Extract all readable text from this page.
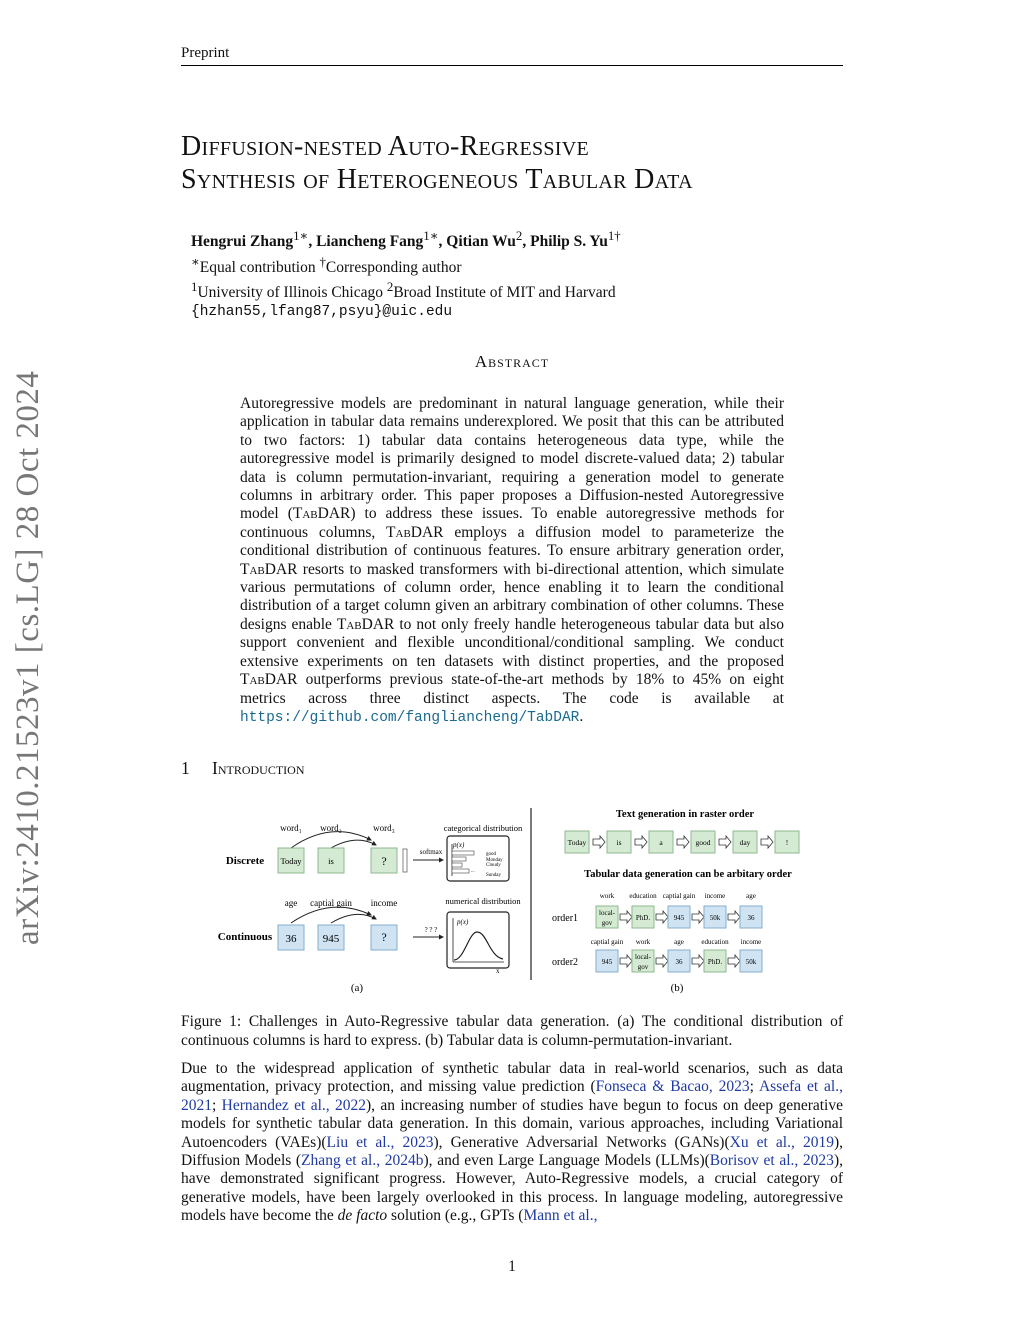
Preprint
arXiv:2410.21523v1 [cs.LG] 28 Oct 2024
Diffusion-nested Auto-Regressive
Synthesis of Heterogeneous Tabular Data
Hengrui Zhang$^{1∗}$, Liancheng Fang$^{1∗}$, Qitian Wu$^2$, Philip S. $Yu^{1\dagger}$
∗Equal contribution †Corresponding author
$^1$University of Illinois Chicago $^2$Broad Institute of MIT and Harvard
{hzhan55,lfang87,psyu}@uic.edu
Abstract
Autoregressive models are predominant in natural language generation, while their application in tabular data remains underexplored. We posit that this can be attributed to two factors: 1) tabular data contains heterogeneous data type, while the autoregressive model is primarily designed to model discrete-valued data; 2) tabular data is column permutation-invariant, requiring a generation model to generate columns in arbitrary order. This paper proposes a Diffusion-nested Autoregressive model (TabDAR) to address these issues. To enable autoregressive methods for continuous columns, TabDAR employs a diffusion model to parameterize the conditional distribution of continuous features. To ensure arbitrary generation order, TabDAR resorts to masked transformers with bi-directional attention, which simulate various permutations of column order, hence enabling it to learn the conditional distribution of a target column given an arbitrary combination of other columns. These designs enable TabDAR to not only freely handle heterogeneous tabular data but also support convenient and flexible unconditional/conditional sampling. We conduct extensive experiments on ten datasets with distinct properties, and the proposed TabDAR outperforms previous state-of-the-art methods by 18% to 45% on eight metrics across three distinct aspects. The code is available at https://github.com/fangliancheng/TabDAR.
1 Introduction
word₁ word₂	word₃	categorical distribution
Discrete Today	is	?
softmax
p(x)
good
Monday
Cloudy
...
Sunday
age captial gain income	numerical distribution
Continuous 36 945	?	? ? ?
p(x)
x
(a)
Text generation in raster order
Today	is	a	good	day	!
Tabular data generation can be arbitary order
order1
work
local-gov
education
PhD.
captial gain
945
income
50k
age
36
order2
captial gain
945
work
local-gov
age
36
education
PhD.
income
50k
(b)
Figure 1: Challenges in Auto-Regressive tabular data generation. (a) The conditional distribution of continuous columns is hard to express. (b) Tabular data is column-permutation-invariant.
Due to the widespread application of synthetic tabular data in real-world scenarios, such as data augmentation, privacy protection, and missing value prediction (Fonseca & Bacao, 2023; Assefa et al., 2021; Hernandez et al., 2022), an increasing number of studies have begun to focus on deep generative models for synthetic tabular data generation. In this domain, various approaches, including Variational Autoencoders (VAEs)(Liu et al., 2023), Generative Adversarial Networks (GANs)(Xu et al., 2019), Diffusion Models (Zhang et al., 2024b), and even Large Language Models (LLMs)(Borisov et al., 2023), have demonstrated significant progress. However, Auto-Regressive models, a crucial category of generative models, have been largely overlooked in this process. In language modeling, autoregressive models have become the de facto solution (e.g., GPTs (Mann et al.,
1
